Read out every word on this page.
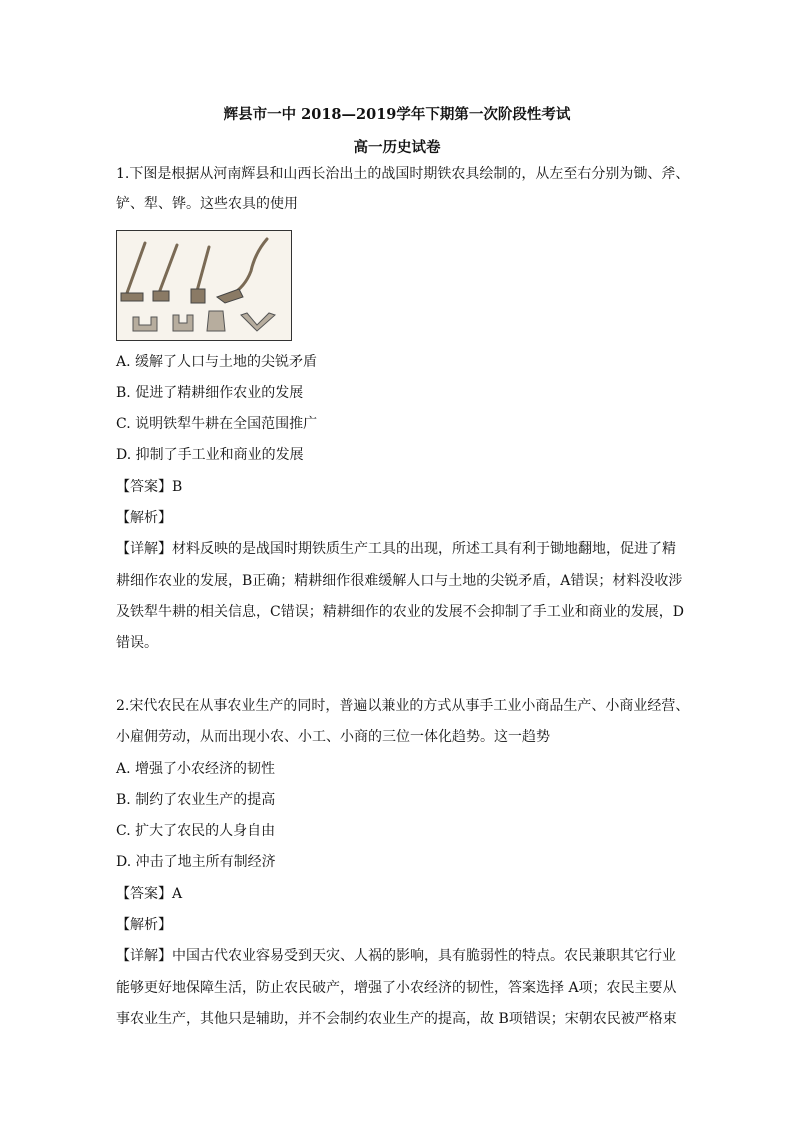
辉县市一中 2018—2019学年下期第一次阶段性考试
高一历史试卷
1.下图是根据从河南辉县和山西长治出土的战国时期铁农具绘制的，从左至右分别为锄、斧、
铲、犁、铧。这些农具的使用
A. 缓解了人口与土地的尖锐矛盾
B. 促进了精耕细作农业的发展
C. 说明铁犁牛耕在全国范围推广
D. 抑制了手工业和商业的发展
【答案】B
【解析】
【详解】材料反映的是战国时期铁质生产工具的出现，所述工具有利于锄地翻地，促进了精
耕细作农业的发展，B正确；精耕细作很难缓解人口与土地的尖锐矛盾，A错误；材料没收涉
及铁犁牛耕的相关信息，C错误；精耕细作的农业的发展不会抑制了手工业和商业的发展，D
错误。
2.宋代农民在从事农业生产的同时，普遍以兼业的方式从事手工业小商品生产、小商业经营、
小雇佣劳动，从而出现小农、小工、小商的三位一体化趋势。这一趋势
A. 增强了小农经济的韧性
B. 制约了农业生产的提高
C. 扩大了农民的人身自由
D. 冲击了地主所有制经济
【答案】A
【解析】
【详解】中国古代农业容易受到天灾、人祸的影响，具有脆弱性的特点。农民兼职其它行业
能够更好地保障生活，防止农民破产，增强了小农经济的韧性，答案选择 A项；农民主要从
事农业生产，其他只是辅助，并不会制约农业生产的提高，故 B项错误；宋朝农民被严格束
